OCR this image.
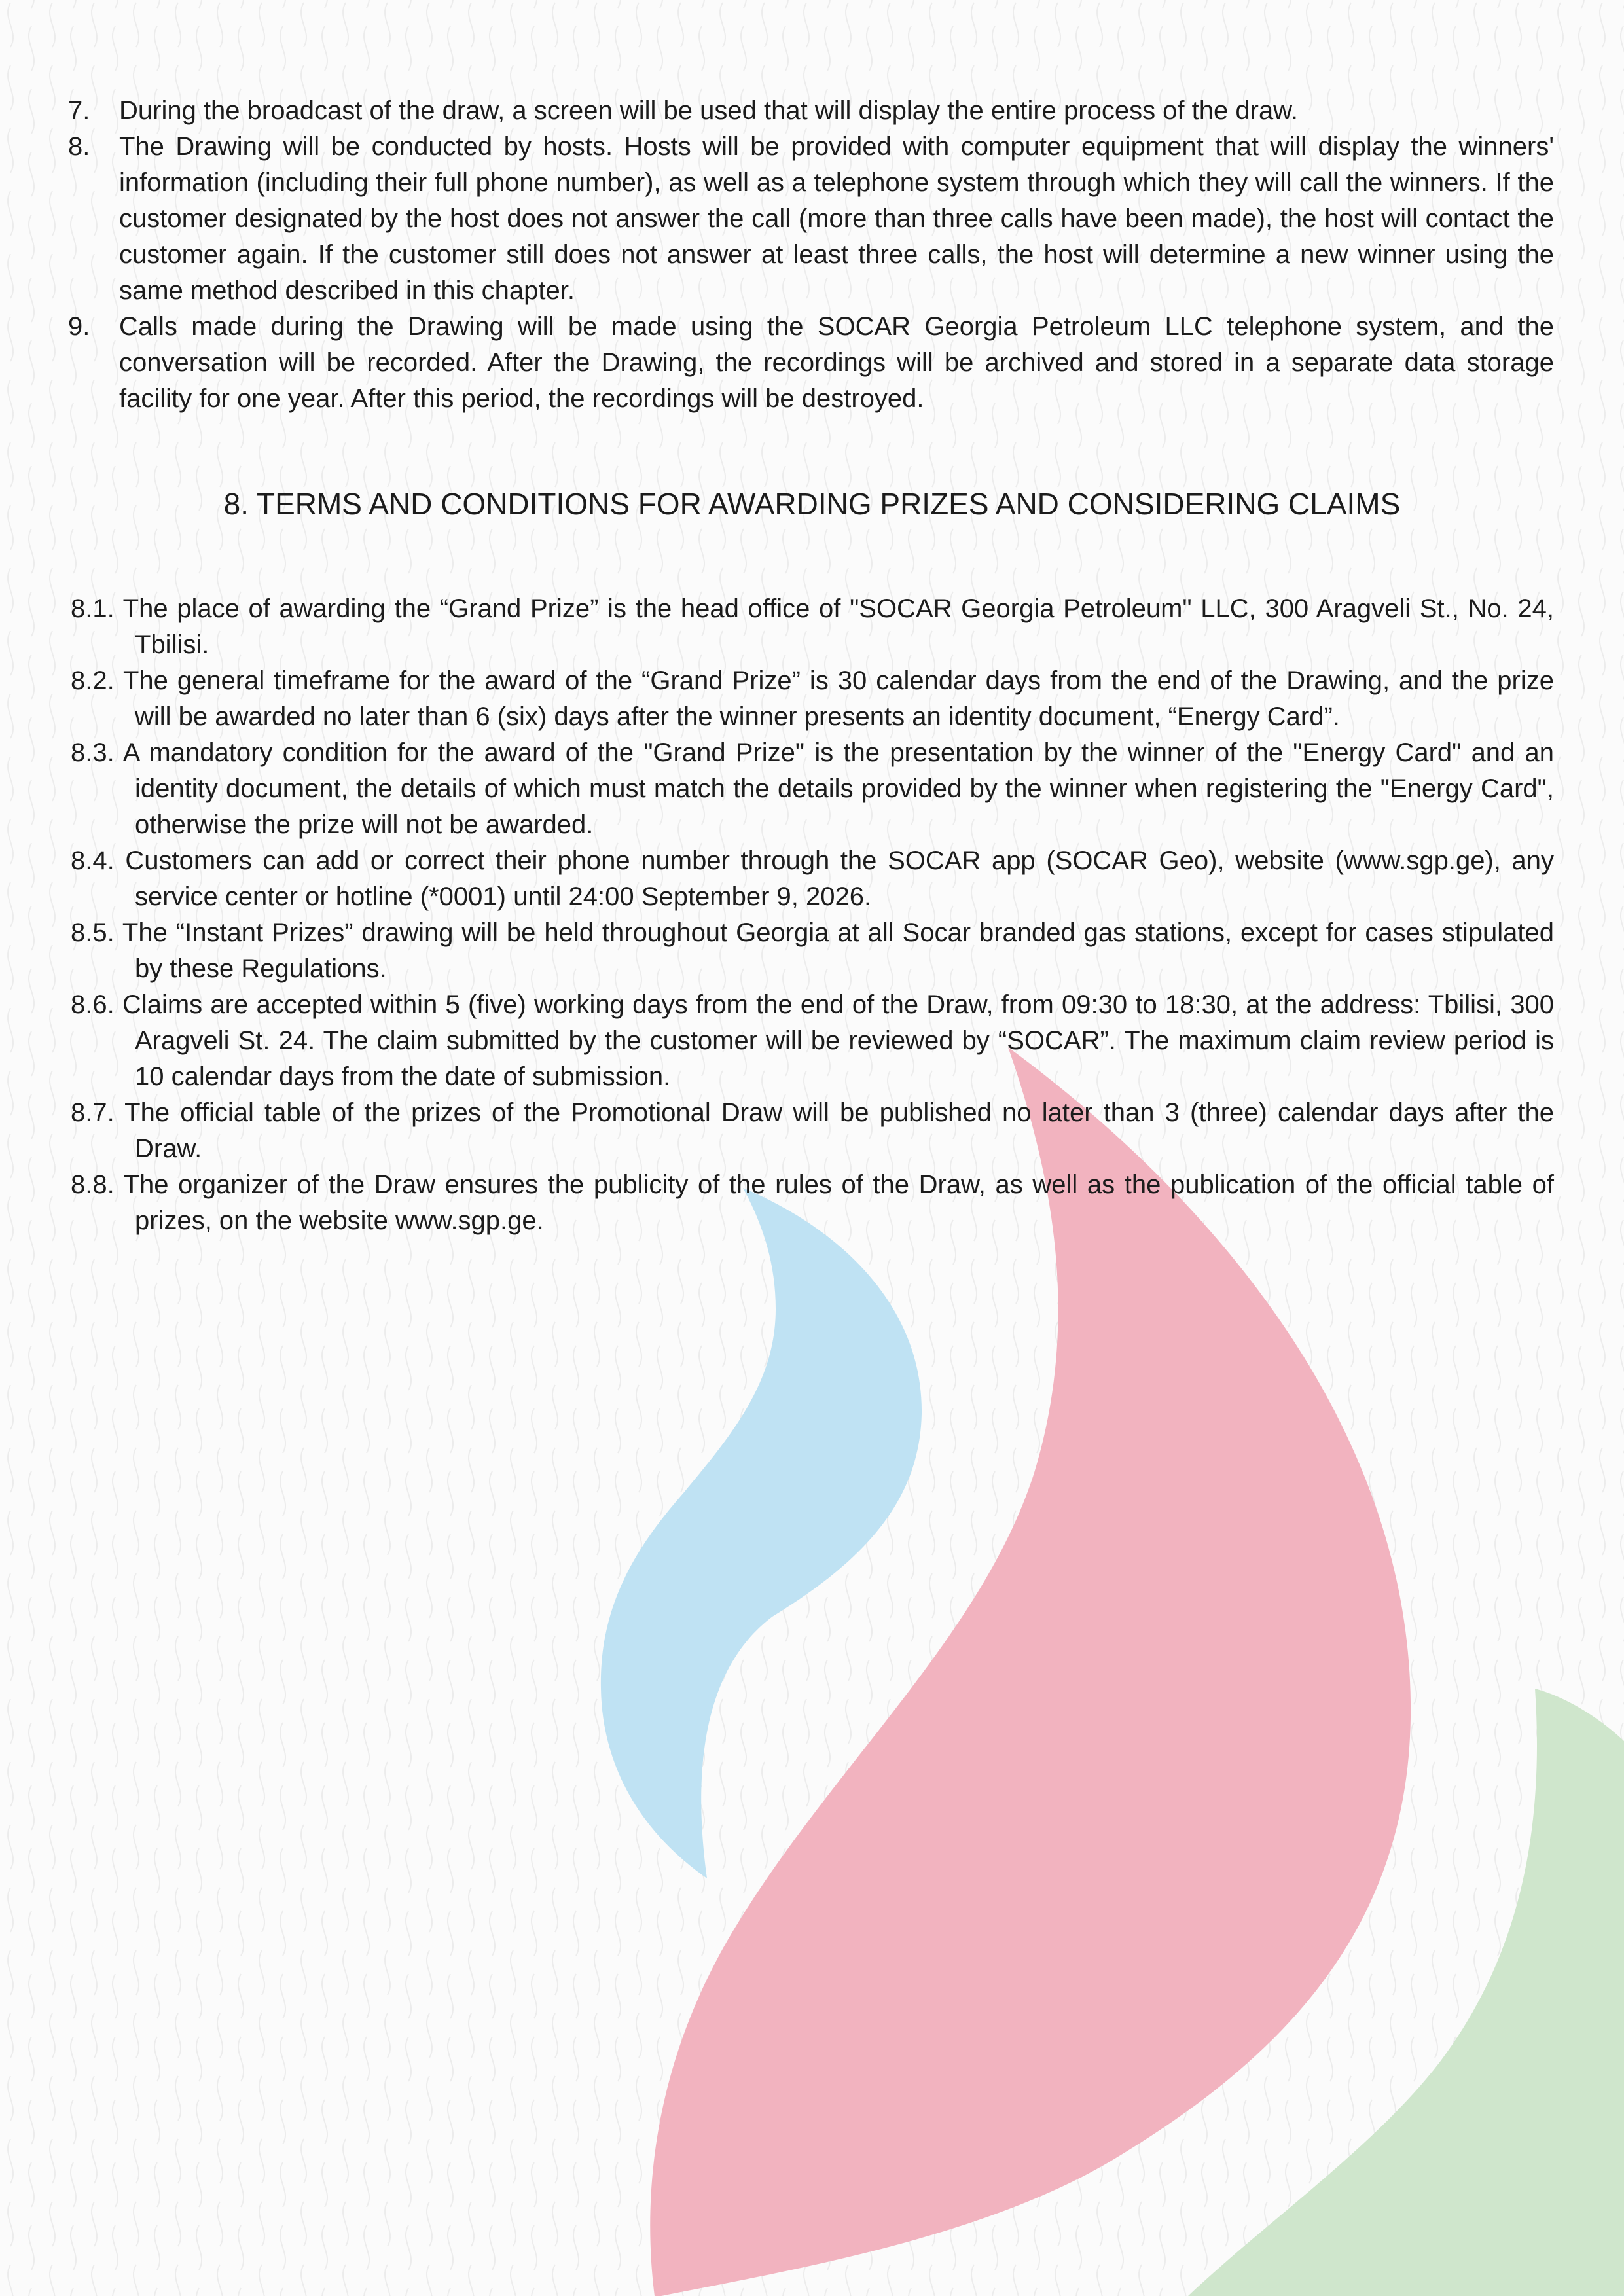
7. During the broadcast of the draw, a screen will be used that will display the entire process of the draw.
8. The Drawing will be conducted by hosts. Hosts will be provided with computer equipment that will display the winners' information (including their full phone number), as well as a telephone system through which they will call the winners. If the customer designated by the host does not answer the call (more than three calls have been made), the host will contact the customer again. If the customer still does not answer at least three calls, the host will determine a new winner using the same method described in this chapter.
9. Calls made during the Drawing will be made using the SOCAR Georgia Petroleum LLC telephone system, and the conversation will be recorded. After the Drawing, the recordings will be archived and stored in a separate data storage facility for one year. After this period, the recordings will be destroyed.
8. TERMS AND CONDITIONS FOR AWARDING PRIZES AND CONSIDERING CLAIMS
8.1. The place of awarding the “Grand Prize” is the head office of "SOCAR Georgia Petroleum" LLC, 300 Aragveli St., No. 24, Tbilisi.
8.2. The general timeframe for the award of the “Grand Prize” is 30 calendar days from the end of the Drawing, and the prize will be awarded no later than 6 (six) days after the winner presents an identity document, “Energy Card”.
8.3. A mandatory condition for the award of the "Grand Prize" is the presentation by the winner of the "Energy Card" and an identity document, the details of which must match the details provided by the winner when registering the "Energy Card", otherwise the prize will not be awarded.
8.4. Customers can add or correct their phone number through the SOCAR app (SOCAR Geo), website (www.sgp.ge), any service center or hotline (*0001) until 24:00 September 9, 2026.
8.5. The “Instant Prizes” drawing will be held throughout Georgia at all Socar branded gas stations, except for cases stipulated by these Regulations.
8.6. Claims are accepted within 5 (five) working days from the end of the Draw, from 09:30 to 18:30, at the address: Tbilisi, 300 Aragveli St. 24. The claim submitted by the customer will be reviewed by “SOCAR”. The maximum claim review period is 10 calendar days from the date of submission.
8.7. The official table of the prizes of the Promotional Draw will be published no later than 3 (three) calendar days after the Draw.
8.8. The organizer of the Draw ensures the publicity of the rules of the Draw, as well as the publication of the official table of prizes, on the website www.sgp.ge.
